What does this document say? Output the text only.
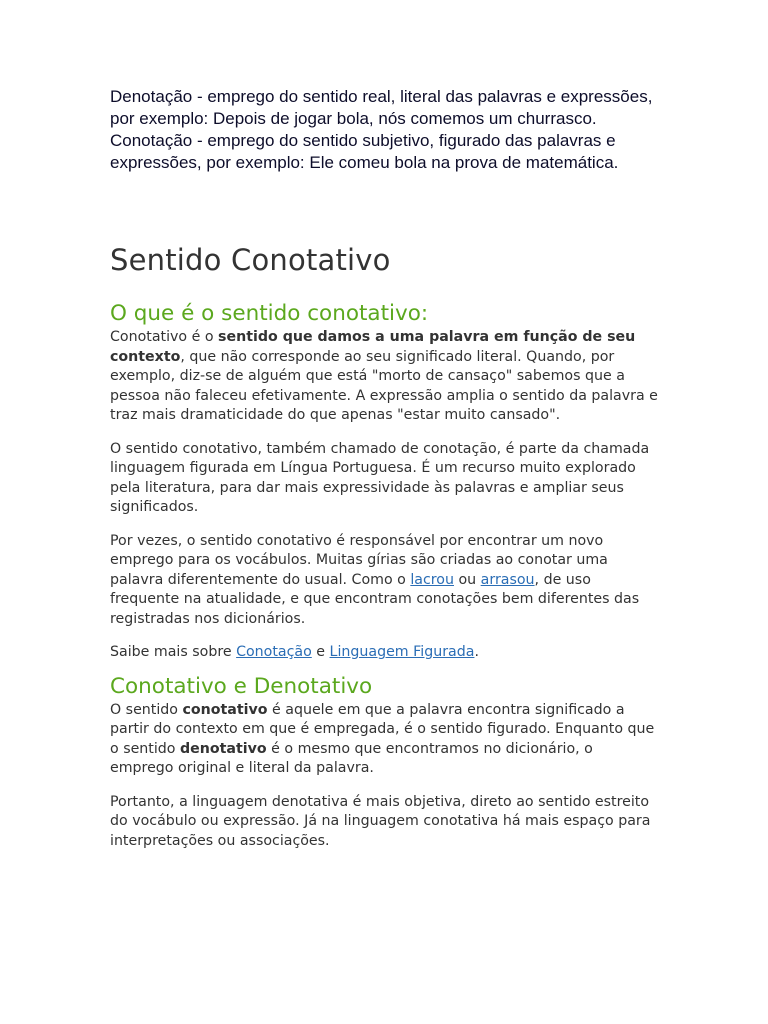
Denotação - emprego do sentido real, literal das palavras e expressões, por exemplo: Depois de jogar bola, nós comemos um churrasco. Conotação - emprego do sentido subjetivo, figurado das palavras e expressões, por exemplo: Ele comeu bola na prova de matemática.

Sentido Conotativo
O que é o sentido conotativo:

Conotativo é o sentido que damos a uma palavra em função de seu contexto, que não corresponde ao seu significado literal. Quando, por exemplo, diz-se de alguém que está "morto de cansaço" sabemos que a pessoa não faleceu efetivamente. A expressão amplia o sentido da palavra e traz mais dramaticidade do que apenas "estar muito cansado".

O sentido conotativo, também chamado de conotação, é parte da chamada linguagem figurada em Língua Portuguesa. É um recurso muito explorado pela literatura, para dar mais expressividade às palavras e ampliar seus significados.

Por vezes, o sentido conotativo é responsável por encontrar um novo emprego para os vocábulos. Muitas gírias são criadas ao conotar uma palavra diferentemente do usual. Como o lacrou ou arrasou, de uso frequente na atualidade, e que encontram conotações bem diferentes das registradas nos dicionários.

Saibe mais sobre Conotação e Linguagem Figurada.

Conotativo e Denotativo

O sentido conotativo é aquele em que a palavra encontra significado a partir do contexto em que é empregada, é o sentido figurado. Enquanto que o sentido denotativo é o mesmo que encontramos no dicionário, o emprego original e literal da palavra.

Portanto, a linguagem denotativa é mais objetiva, direto ao sentido estreito do vocábulo ou expressão. Já na linguagem conotativa há mais espaço para interpretações ou associações.
